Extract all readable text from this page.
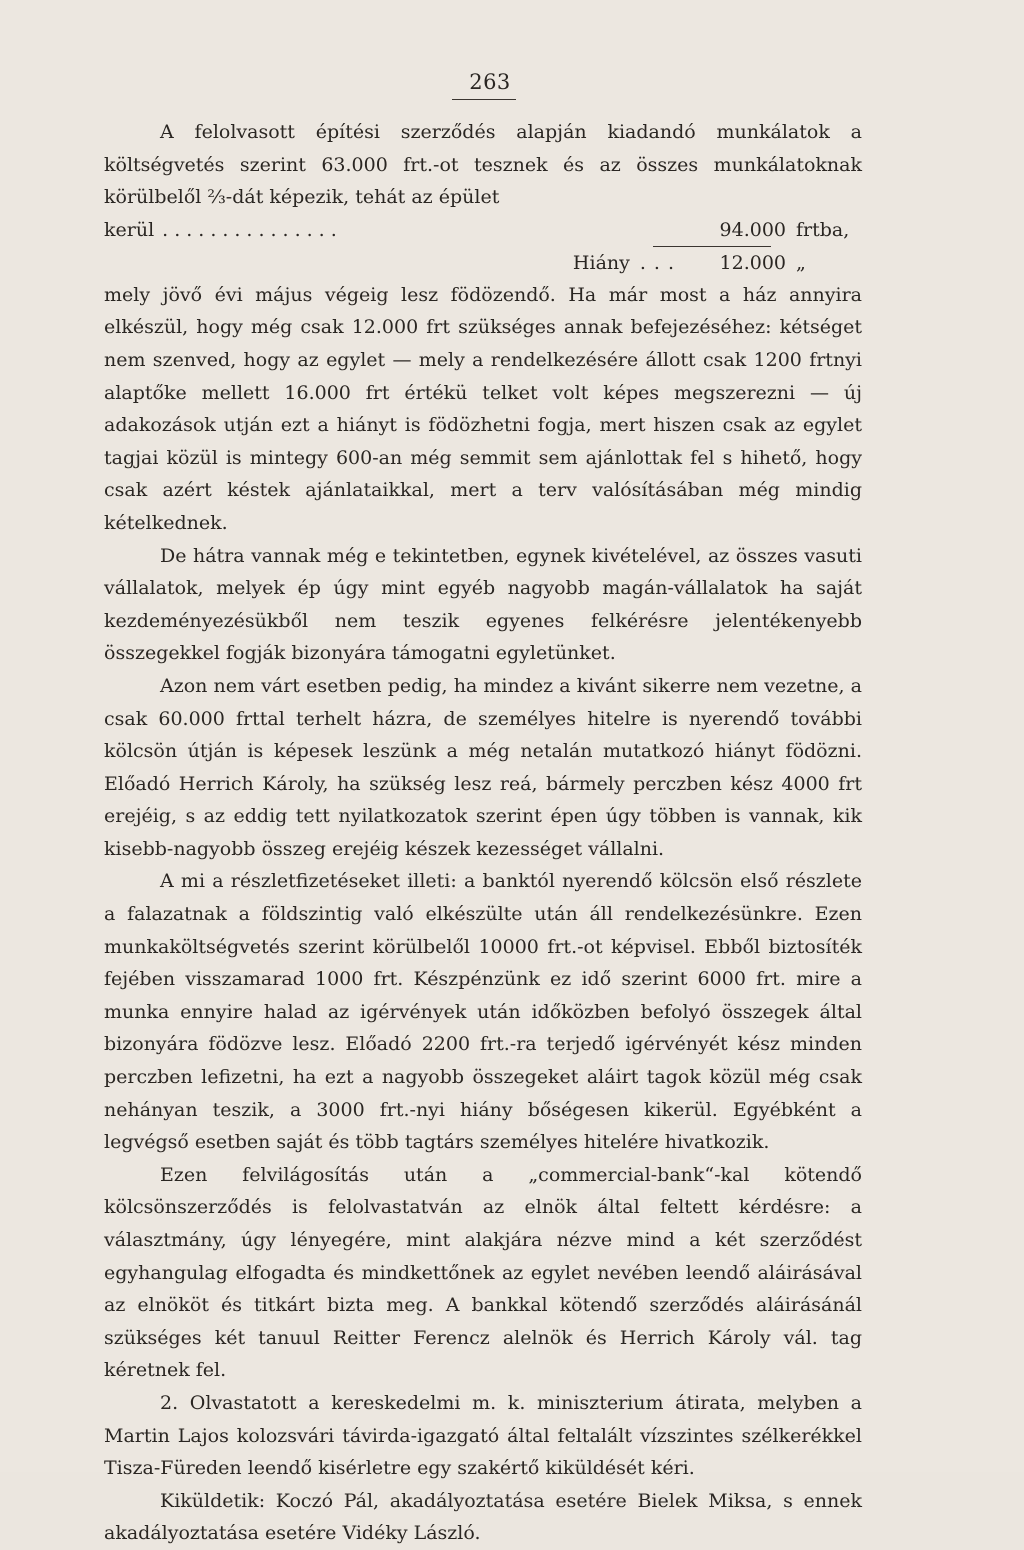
263

A felolvasott építési szerződés alapján kiadandó munkálatok a költségvetés szerint 63.000 frt.-ot tesznek és az összes munkálatoknak körülbelől ⅔-dát képezik, tehát az épület

kerül ...............	94.000 frtba,
Hiány ...	12.000 „

mely jövő évi május végeig lesz födözendő. Ha már most a ház annyira elkészül, hogy még csak 12.000 frt szükséges annak befejezéséhez: kétséget nem szenved, hogy az egylet — mely a rendelkezésére állott csak 1200 frtnyi alaptőke mellett 16.000 frt értékü telket volt képes megszerezni — új adakozások utján ezt a hiányt is födözhetni fogja, mert hiszen csak az egylet tagjai közül is mintegy 600-an még semmit sem ajánlottak fel s hihető, hogy csak azért késtek ajánlataikkal, mert a terv valósításában még mindig kételkednek.

De hátra vannak még e tekintetben, egynek kivételével, az összes vasuti vállalatok, melyek ép úgy mint egyéb nagyobb magán-vállalatok ha saját kezdeményezésükből nem teszik egyenes felkérésre jelentékenyebb összegekkel fogják bizonyára támogatni egyletünket.

Azon nem várt esetben pedig, ha mindez a kivánt sikerre nem vezetne, a csak 60.000 frttal terhelt házra, de személyes hitelre is nyerendő további kölcsön útján is képesek leszünk a még netalán mutatkozó hiányt födözni. Előadó Herrich Károly, ha szükség lesz reá, bármely perczben kész 4000 frt erejéig, s az eddig tett nyilatkozatok szerint épen úgy többen is vannak, kik kisebb-nagyobb összeg erejéig készek kezességet vállalni.

A mi a részletfizetéseket illeti: a banktól nyerendő kölcsön első részlete a falazatnak a földszintig való elkészülte után áll rendelkezésünkre. Ezen munkaköltségvetés szerint körülbelől 10000 frt.-ot képvisel. Ebből biztosíték fejében visszamarad 1000 frt. Készpénzünk ez idő szerint 6000 frt. mire a munka ennyire halad az igérvények után időközben befolyó összegek által bizonyára födözve lesz. Előadó 2200 frt.-ra terjedő igérvényét kész minden perczben lefizetni, ha ezt a nagyobb összegeket aláirt tagok közül még csak nehányan teszik, a 3000 frt.-nyi hiány bőségesen kikerül. Egyébként a legvégső esetben saját és több tagtárs személyes hitelére hivatkozik.

Ezen felvilágosítás után a „commercial-bank“-kal kötendő kölcsönszerződés is felolvastatván az elnök által feltett kérdésre: a választmány, úgy lényegére, mint alakjára nézve mind a két szerződést egyhangulag elfogadta és mindkettőnek az egylet nevében leendő aláirásával az elnököt és titkárt bizta meg. A bankkal kötendő szerződés aláirásánál szükséges két tanuul Reitter Ferencz alelnök és Herrich Károly vál. tag kéretnek fel.

2. Olvastatott a kereskedelmi m. k. miniszterium átirata, melyben a Martin Lajos kolozsvári távirda-igazgató által feltalált vízszintes szélkerékkel Tisza-Füreden leendő kisérletre egy szakértő kiküldését kéri.

Kiküldetik: Koczó Pál, akadályoztatása esetére Bielek Miksa, s ennek akadályoztatása esetére Vidéky László.
